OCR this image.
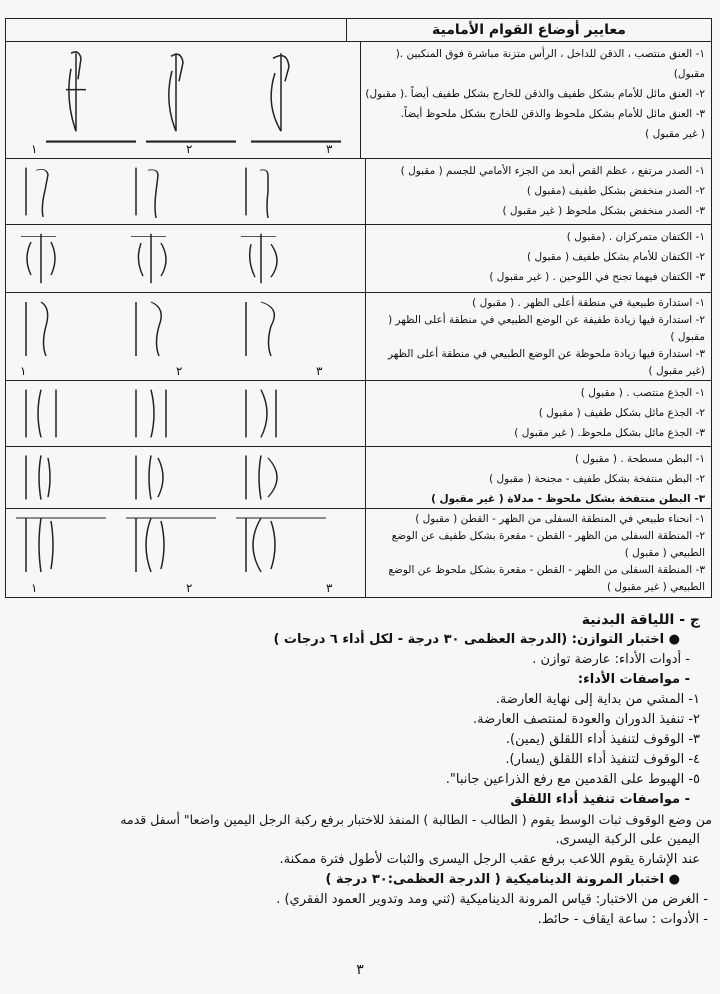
معايير أوضاع القوام الأمامية
١	٢	٣
١- العنق منتصب ، الذقن للداخل ، الرأس متزنة مباشرة فوق المنكبين .(
مقبول)
٢- العنق مائل للأمام بشكل طفيف والذقن للخارج بشكل طفيف أيضاً .( مقبول)
٣- العنق مائل للأمام بشكل ملحوظ والذقن للخارج بشكل ملحوظ أيضاً.
( غير مقبول )
١- الصدر مرتفع ، عظم القص أبعد من الجزء الأمامي للجسم ( مقبول )
٢- الصدر منخفض بشكل طفيف (مقبول )
٣- الصدر منخفض بشكل ملحوظ ( غير مقبول )
١- الكتفان متمركزان . (مقبول )
٢- الكتفان للأمام بشكل طفيف ( مقبول )
٣- الكتفان فيهما تجنح في اللوحين . ( غير مقبول )
١	٢	٣
١- استدارة طبيعية في منطقة أعلى الظهر . ( مقبول )
٢- استدارة فيها زيادة طفيفة عن الوضع الطبيعي في منطقة أعلى الظهر (
مقبول )
٣- استدارة فيها زيادة ملحوظة عن الوضع الطبيعي في منطقة أعلى الظهر
(غير مقبول )
١- الجذع منتصب . ( مقبول )
٢- الجذع مائل بشكل طفيف ( مقبول )
٣- الجذع مائل بشكل ملحوظ. ( غير مقبول )
١- البطن مسطحة . ( مقبول )
٢- البطن منتفخة بشكل طفيف - مجنحة ( مقبول )
٣- البطن منتفخة بشكل ملحوظ - مدلاة ( غير مقبول )
١	٢	٣
١- انحناء طبيعي في المنطقة السفلى من الظهر - القطن ( مقبول )
٢- المنطقة السفلى من الظهر - القطن - مقعرة بشكل طفيف عن الوضع
الطبيعي ( مقبول )
٣- المنطقة السفلى من الظهر - القطن - مقعرة بشكل ملحوظ عن الوضع
الطبيعي ( غير مقبول )
ج - اللياقة البدنية
● اختبار التوازن: (الدرجة العظمى ٣٠ درجة - لكل أداء ٦ درجات )
- أدوات الأداء: عارضة توازن .
- مواصفات الأداء:
١- المشي من بداية إلى نهاية العارضة.
٢- تنفيذ الدوران والعودة لمنتصف العارضة.
٣- الوقوف لتنفيذ أداء اللقلق (يمين).
٤- الوقوف لتنفيذ أداء اللقلق (يسار).
٥- الهبوط على القدمين مع رفع الذراعين جانبا".
- مواصفات تنفيذ أداء اللقلق
من وضع الوقوف ثبات الوسط يقوم ( الطالب - الطالبة ) المنفذ للاختبار برفع ركبة الرجل اليمين واضعا" أسفل قدمه
اليمين على الركبة اليسرى.
عند الإشارة يقوم اللاعب برفع عقب الرجل اليسرى والثبات لأطول فترة ممكنة.
● اختبار المرونة الديناميكية ( الدرجة العظمى:٣٠ درجة )
- الغرض من الاختبار: قياس المرونة الديناميكية (ثني ومد وتدوير العمود الفقري) .
- الأدوات : ساعة ايقاف - حائط.
٣
